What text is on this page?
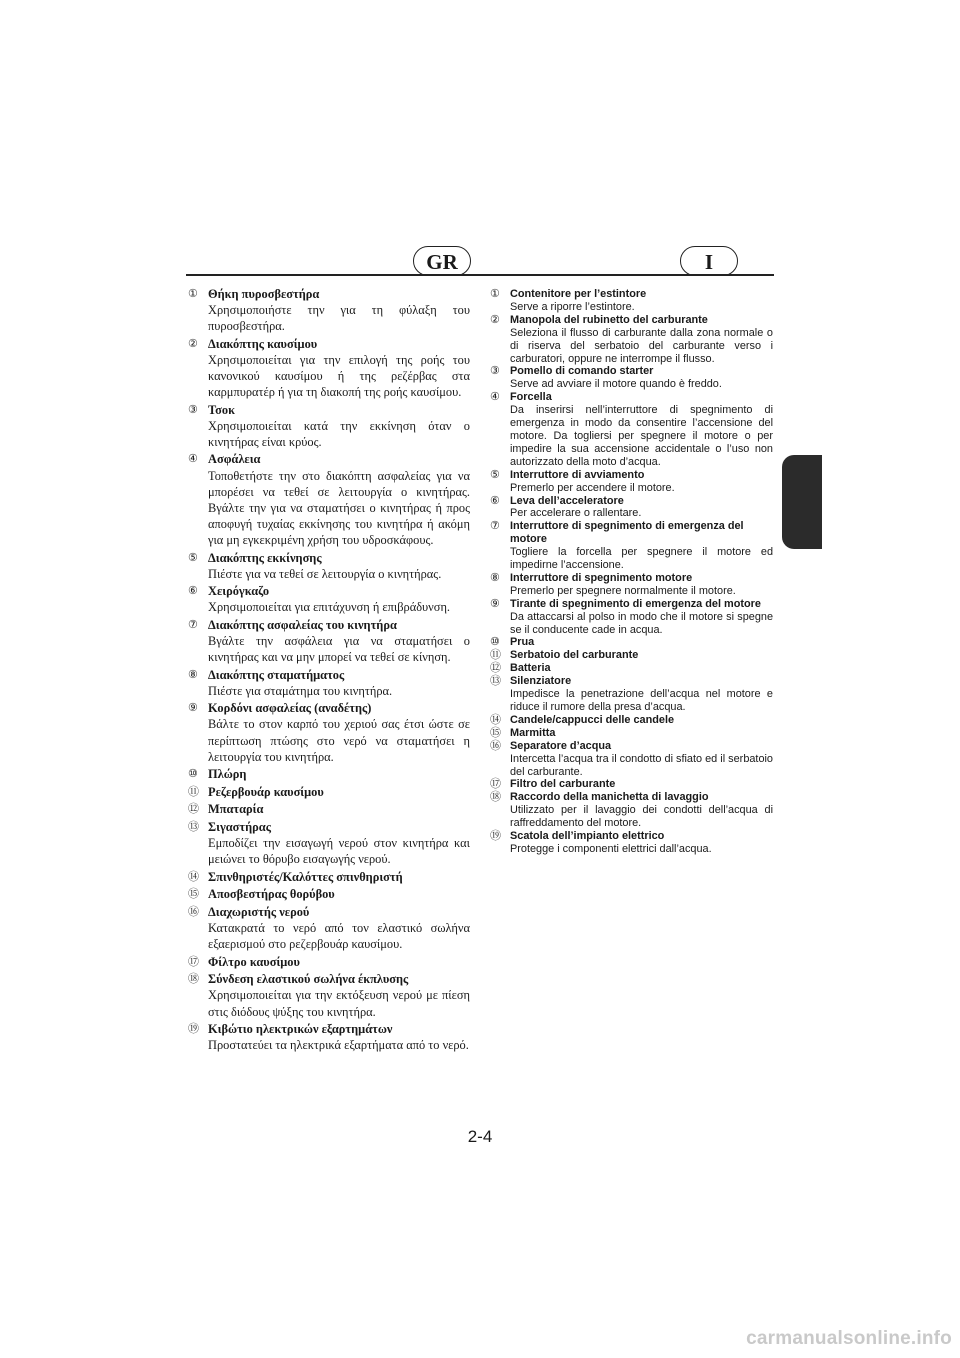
GR	I
① Θήκη πυροσβεστήρα
Χρησιμοποιήστε την για τη φύλαξη του πυροσβεστήρα.
② Διακόπτης καυσίμου
Χρησιμοποιείται για την επιλογή της ροής του κανονικού καυσίμου ή της ρεζέρβας στα καρμπυρατέρ ή για τη διακοπή της ροής καυσίμου.
③ Τσοκ
Χρησιμοποιείται κατά την εκκίνηση όταν ο κινητήρας είναι κρύος.
④ Ασφάλεια
Τοποθετήστε την στο διακόπτη ασφαλείας για να μπορέσει να τεθεί σε λειτουργία ο κινητήρας. Βγάλτε την για να σταματήσει ο κινητήρας ή προς αποφυγή τυχαίας εκκίνησης του κινητήρα ή ακόμη για μη εγκεκριμένη χρήση του υδροσκάφους.
⑤ Διακόπτης εκκίνησης
Πιέστε για να τεθεί σε λειτουργία ο κινητήρας.
⑥ Χειρόγκαζο
Χρησιμοποιείται για επιτάχυνση ή επιβράδυνση.
⑦ Διακόπτης ασφαλείας του κινητήρα
Βγάλτε την ασφάλεια για να σταματήσει ο κινητήρας και να μην μπορεί να τεθεί σε κίνηση.
⑧ Διακόπτης σταματήματος
Πιέστε για σταμάτημα του κινητήρα.
⑨ Κορδόνι ασφαλείας (αναδέτης)
Βάλτε το στον καρπό του χεριού σας έτσι ώστε σε περίπτωση πτώσης στο νερό να σταματήσει η λειτουργία του κινητήρα.
⑩ Πλώρη
⑪ Ρεζερβουάρ καυσίμου
⑫ Μπαταρία
⑬ Σιγαστήρας
Εμποδίζει την εισαγωγή νερού στον κινητήρα και μειώνει το θόρυβο εισαγωγής νερού.
⑭ Σπινθηριστές/Καλόττες σπινθηριστή
⑮ Αποσβεστήρας θορύβου
⑯ Διαχωριστής νερού
Κατακρατά το νερό από τον ελαστικό σωλήνα εξαερισμού στο ρεζερβουάρ καυσίμου.
⑰ Φίλτρο καυσίμου
⑱ Σύνδεση ελαστικού σωλήνα έκπλυσης
Χρησιμοποιείται για την εκτόξευση νερού με πίεση στις διόδους ψύξης του κινητήρα.
⑲ Κιβώτιο ηλεκτρικών εξαρτημάτων
Προστατεύει τα ηλεκτρικά εξαρτήματα από το νερό.
① Contenitore per l’estintore
Serve a riporre l’estintore.
② Manopola del rubinetto del carburante
Seleziona il flusso di carburante dalla zona normale o di riserva del serbatoio del carburante verso i carburatori, oppure ne interrompe il flusso.
③ Pomello di comando starter
Serve ad avviare il motore quando è freddo.
④ Forcella
Da inserirsi nell’interruttore di spegnimento di emergenza in modo da consentire l’accensione del motore. Da togliersi per spegnere il motore o per impedire la sua accensione accidentale o l’uso non autorizzato della moto d’acqua.
⑤ Interruttore di avviamento
Premerlo per accendere il motore.
⑥ Leva dell’acceleratore
Per accelerare o rallentare.
⑦ Interruttore di spegnimento di emergenza del motore
Togliere la forcella per spegnere il motore ed impedirne l’accensione.
⑧ Interruttore di spegnimento motore
Premerlo per spegnere normalmente il motore.
⑨ Tirante di spegnimento di emergenza del motore
Da attaccarsi al polso in modo che il motore si spegne se il conducente cade in acqua.
⑩ Prua
⑪ Serbatoio del carburante
⑫ Batteria
⑬ Silenziatore
Impedisce la penetrazione dell’acqua nel motore e riduce il rumore della presa d’acqua.
⑭ Candele/cappucci delle candele
⑮ Marmitta
⑯ Separatore d’acqua
Intercetta l’acqua tra il condotto di sfiato ed il serbatoio del carburante.
⑰ Filtro del carburante
⑱ Raccordo della manichetta di lavaggio
Utilizzato per il lavaggio dei condotti dell’acqua di raffreddamento del motore.
⑲ Scatola dell’impianto elettrico
Protegge i componenti elettrici dall’acqua.
2-4
carmanualsonline.info
